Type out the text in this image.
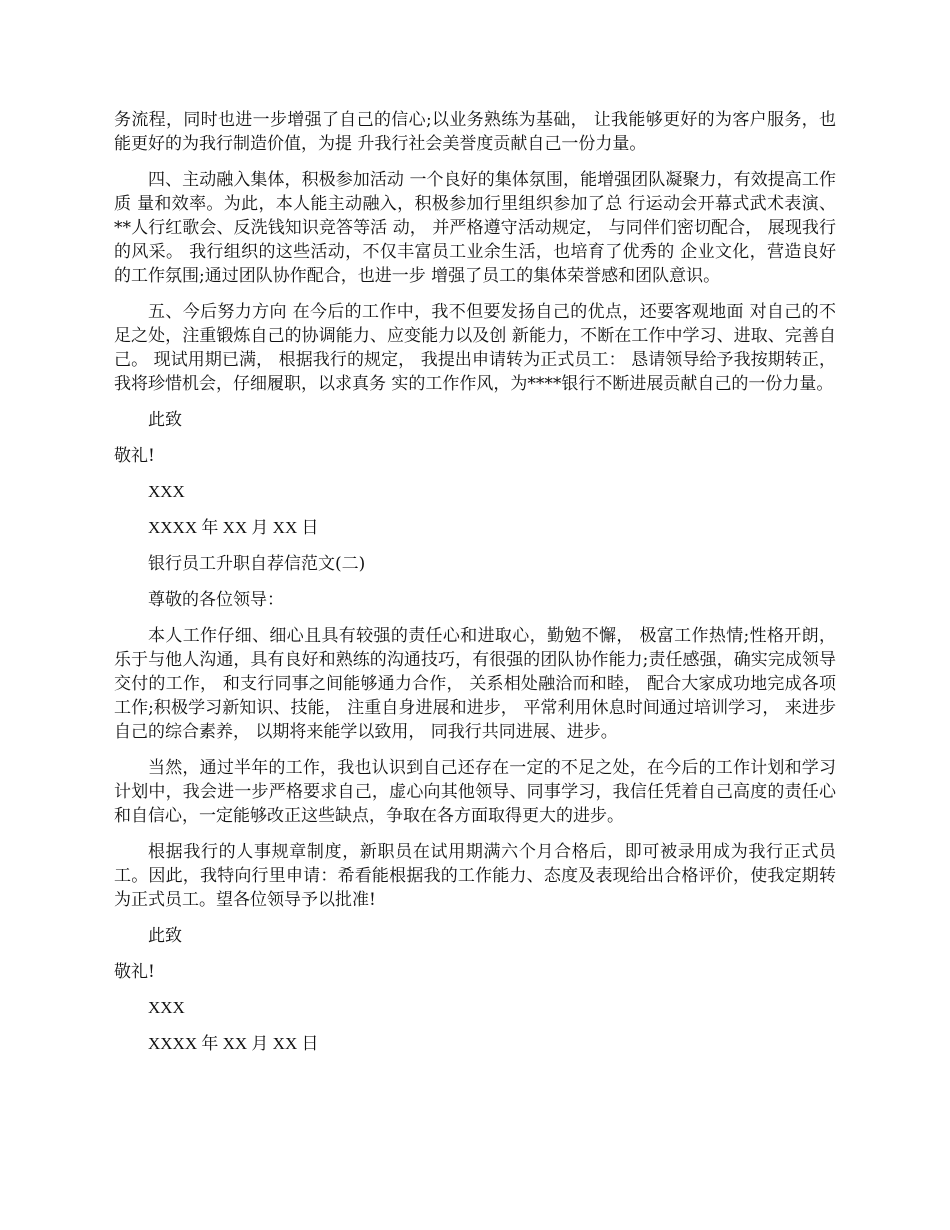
务流程，同时也进一步增强了自己的信心;以业务熟练为基础， 让我能够更好的为客户服务，也能更好的为我行制造价值，为提 升我行社会美誉度贡献自己一份力量。

四、主动融入集体，积极参加活动 一个良好的集体氛围，能增强团队凝聚力，有效提高工作质 量和效率。为此，本人能主动融入，积极参加行里组织参加了总 行运动会开幕式武术表演、**人行红歌会、反洗钱知识竞答等活 动， 并严格遵守活动规定， 与同伴们密切配合， 展现我行的风采。 我行组织的这些活动，不仅丰富员工业余生活，也培育了优秀的 企业文化，营造良好的工作氛围;通过团队协作配合，也进一步 增强了员工的集体荣誉感和团队意识。

五、今后努力方向 在今后的工作中，我不但要发扬自己的优点，还要客观地面 对自己的不足之处，注重锻炼自己的协调能力、应变能力以及创 新能力，不断在工作中学习、进取、完善自己。 现试用期已满， 根据我行的规定， 我提出申请转为正式员工： 恳请领导给予我按期转正，我将珍惜机会，仔细履职，以求真务 实的工作作风，为****银行不断进展贡献自己的一份力量。

此致
敬礼!
XXX
XXXX 年 XX 月 XX 日
银行员工升职自荐信范文(二)
尊敬的各位领导：

本人工作仔细、细心且具有较强的责任心和进取心，勤勉不懈， 极富工作热情;性格开朗，乐于与他人沟通，具有良好和熟练的沟通技巧，有很强的团队协作能力;责任感强，确实完成领导交付的工作， 和支行同事之间能够通力合作， 关系相处融洽而和睦， 配合大家成功地完成各项工作;积极学习新知识、技能， 注重自身进展和进步， 平常利用休息时间通过培训学习， 来进步自己的综合素养， 以期将来能学以致用， 同我行共同进展、进步。

当然，通过半年的工作，我也认识到自己还存在一定的不足之处，在今后的工作计划和学习计划中，我会进一步严格要求自己，虚心向其他领导、同事学习，我信任凭着自己高度的责任心和自信心，一定能够改正这些缺点，争取在各方面取得更大的进步。

根据我行的人事规章制度，新职员在试用期满六个月合格后，即可被录用成为我行正式员工。因此，我特向行里申请：希看能根据我的工作能力、态度及表现给出合格评价，使我定期转为正式员工。望各位领导予以批准!

此致
敬礼!
XXX
XXXX 年 XX 月 XX 日
